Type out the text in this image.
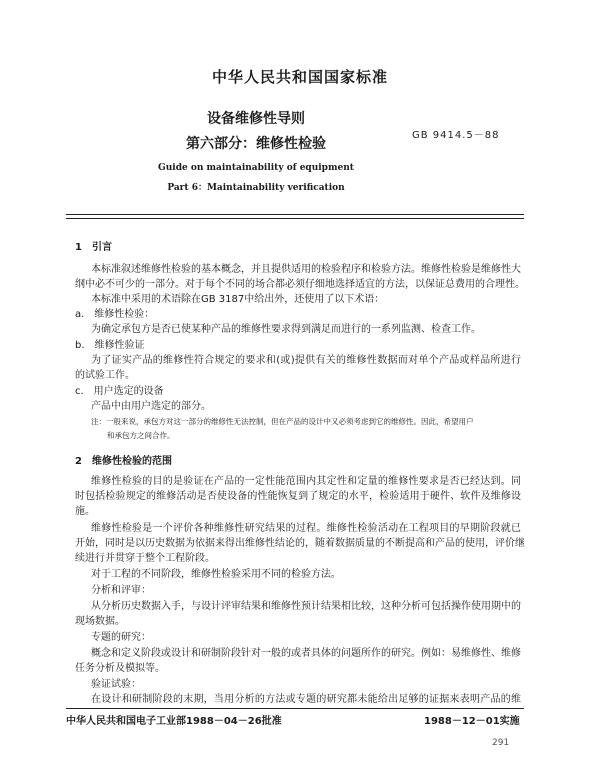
中华人民共和国国家标准
设备维修性导则
第六部分：维修性检验
GB 9414.5－88
Guide on maintainability of equipment
Part 6：Maintainability verification
1　引言
本标准叙述维修性检验的基本概念，并且提供适用的检验程序和检验方法。维修性检验是维修性大
纲中必不可少的一部分。对于每个不同的场合都必须仔细地选择适宜的方法，以保证总费用的合理性。
本标准中采用的术语除在GB 3187中给出外，还使用了以下术语：
a.　维修性检验：
为确定承包方是否已使某种产品的维修性要求得到满足而进行的一系列监测、检查工作。
b.　维修性验证
为了证实产品的维修性符合规定的要求和(或)提供有关的维修性数据而对单个产品或样品所进行
的试验工作。
c.　用户选定的设备
产品中由用户选定的部分。
注：一般来说，承包方对这一部分的维修性无法控制，但在产品的设计中又必须考虑到它的维修性。因此，希望用户
和承包方之间合作。
2　维修性检验的范围
维修性检验的目的是验证在产品的一定性能范围内其定性和定量的维修性要求是否已经达到。同
时包括检验规定的维修活动是否使设备的性能恢复到了规定的水平，检验适用于硬件、软件及维修设
施。
维修性检验是一个评价各种维修性研究结果的过程。维修性检验活动在工程项目的早期阶段就已
开始，同时是以历史数据为依据来得出维修性结论的，随着数据质量的不断提高和产品的使用，评价继
续进行并贯穿于整个工程阶段。
对于工程的不同阶段，维修性检验采用不同的检验方法。
分析和评审：
从分析历史数据入手，与设计评审结果和维修性预计结果相比较，这种分析可包括操作使用期中的
现场数据。
专题的研究：
概念和定义阶段或设计和研制阶段针对一般的或者具体的问题所作的研究。例如：易维修性、维修
任务分析及模拟等。
验证试验：
在设计和研制阶段的末期，当用分析的方法或专题的研究都未能给出足够的证据来表明产品的维
中华人民共和国电子工业部1988－04－26批准	1988－12－01实施
291
